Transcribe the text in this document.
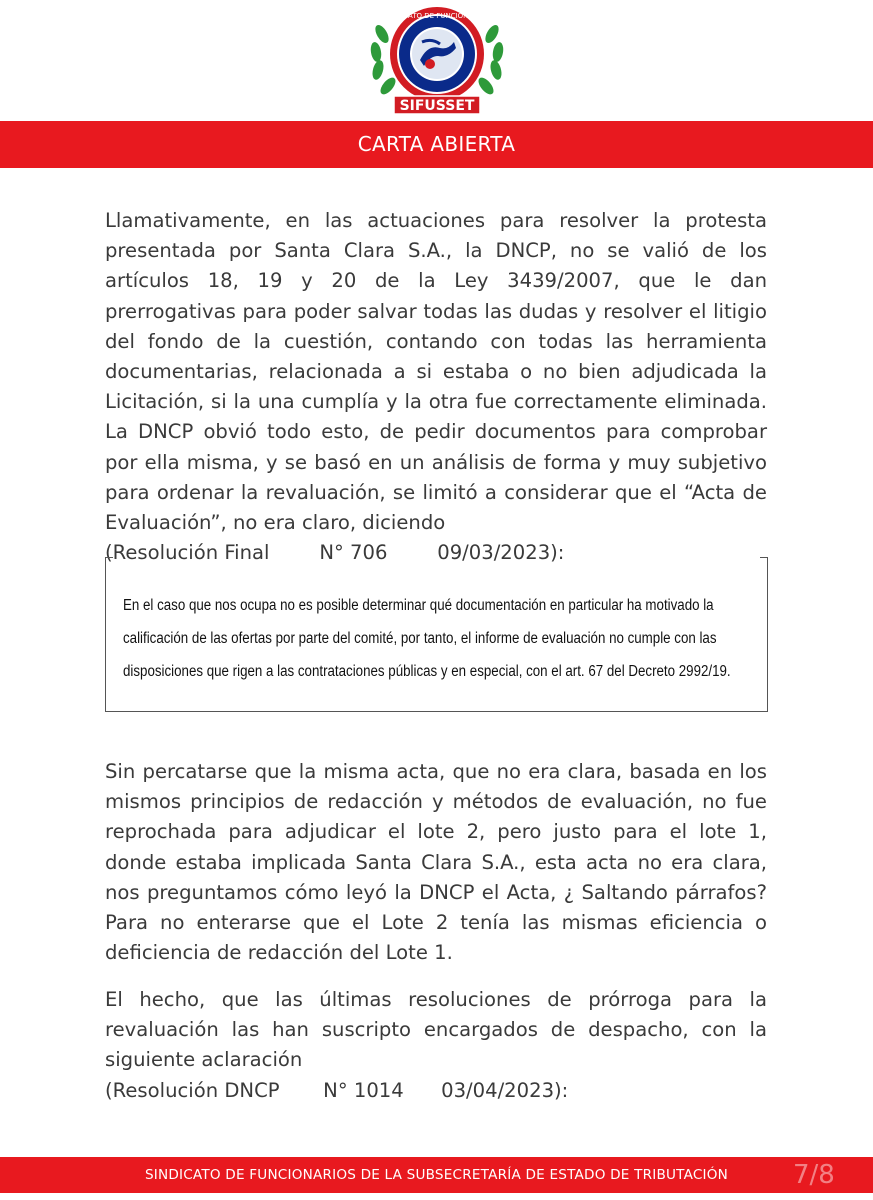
SINDICATO DE FUNCIONARIOS
SIFUSSET
CARTA ABIERTA
Llamativamente, en las actuaciones para resolver la protesta presentada por Santa Clara S.A., la DNCP, no se valió de los artículos 18, 19 y 20 de la Ley 3439/2007, que le dan prerrogativas para poder salvar todas las dudas y resolver el litigio del fondo de la cuestión, contando con todas las herramienta documentarias, relacionada a si estaba o no bien adjudicada la Licitación, si la una cumplía y la otra fue correctamente eliminada. La DNCP obvió todo esto, de pedir documentos para comprobar por ella misma, y se basó en un análisis de forma y muy subjetivo para ordenar la revaluación, se limitó a considerar que el “Acta de Evaluación”, no era claro, diciendo
(Resolución Final        N° 706        09/03/2023):
En el caso que nos ocupa no es posible determinar qué documentación en particular ha motivado la calificación de las ofertas por parte del comité, por tanto, el informe de evaluación no cumple con las disposiciones que rigen a las contrataciones públicas y en especial, con el art. 67 del Decreto 2992/19.

Sin percatarse que la misma acta, que no era clara, basada en los mismos principios de redacción y métodos de evaluación, no fue reprochada para adjudicar el lote 2, pero justo para el lote 1, donde estaba implicada Santa Clara S.A., esta acta no era clara, nos preguntamos cómo leyó la DNCP el Acta, ¿ Saltando párrafos? Para no enterarse que el Lote 2 tenía las mismas eficiencia o deficiencia de redacción del Lote 1.

El hecho, que las últimas resoluciones de prórroga para la revaluación las han suscripto encargados de despacho, con la siguiente aclaración
(Resolución DNCP       N° 1014      03/04/2023):
SINDICATO DE FUNCIONARIOS DE LA SUBSECRETARÍA DE ESTADO DE TRIBUTACIÓN	7/8
